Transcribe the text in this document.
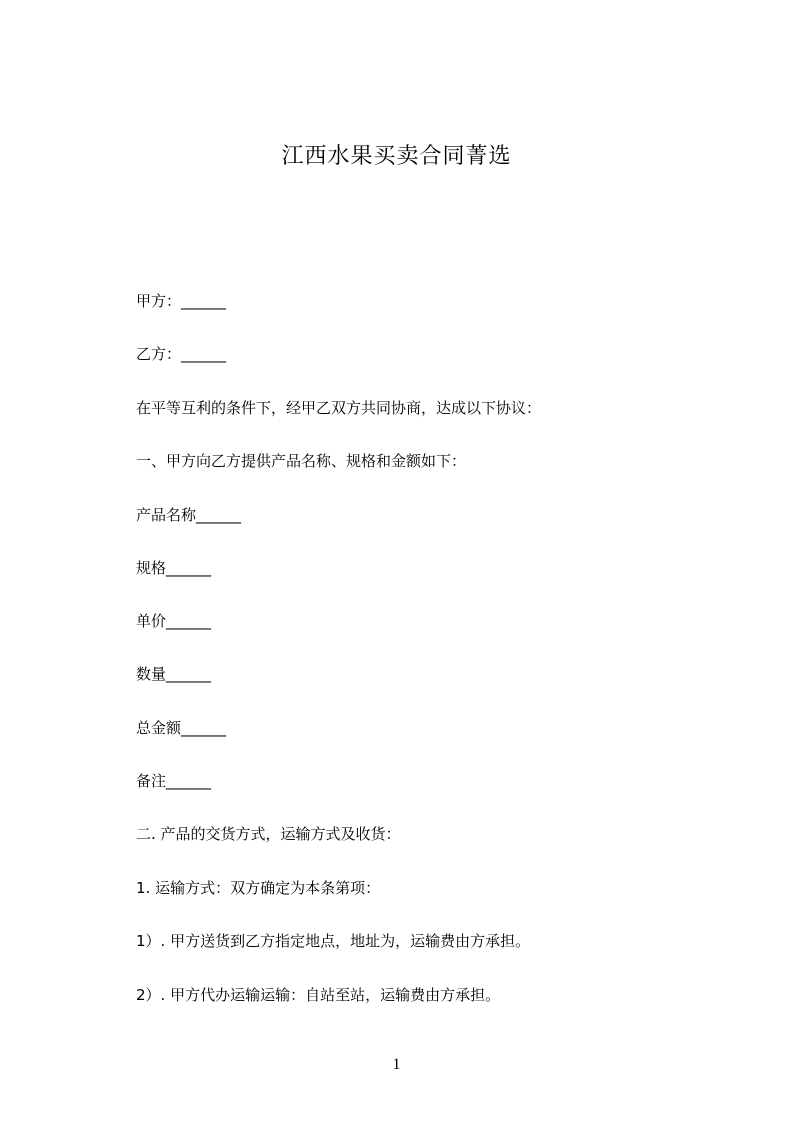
江西水果买卖合同菁选
甲方：______
乙方：______
在平等互利的条件下，经甲乙双方共同协商，达成以下协议：
一、甲方向乙方提供产品名称、规格和金额如下：
产品名称______
规格______
单价______
数量______
总金额______
备注______
二. 产品的交货方式，运输方式及收货：
1. 运输方式：双方确定为本条第项：
1）. 甲方送货到乙方指定地点，地址为，运输费由方承担。
2）. 甲方代办运输运输：自站至站，运输费由方承担。
1
